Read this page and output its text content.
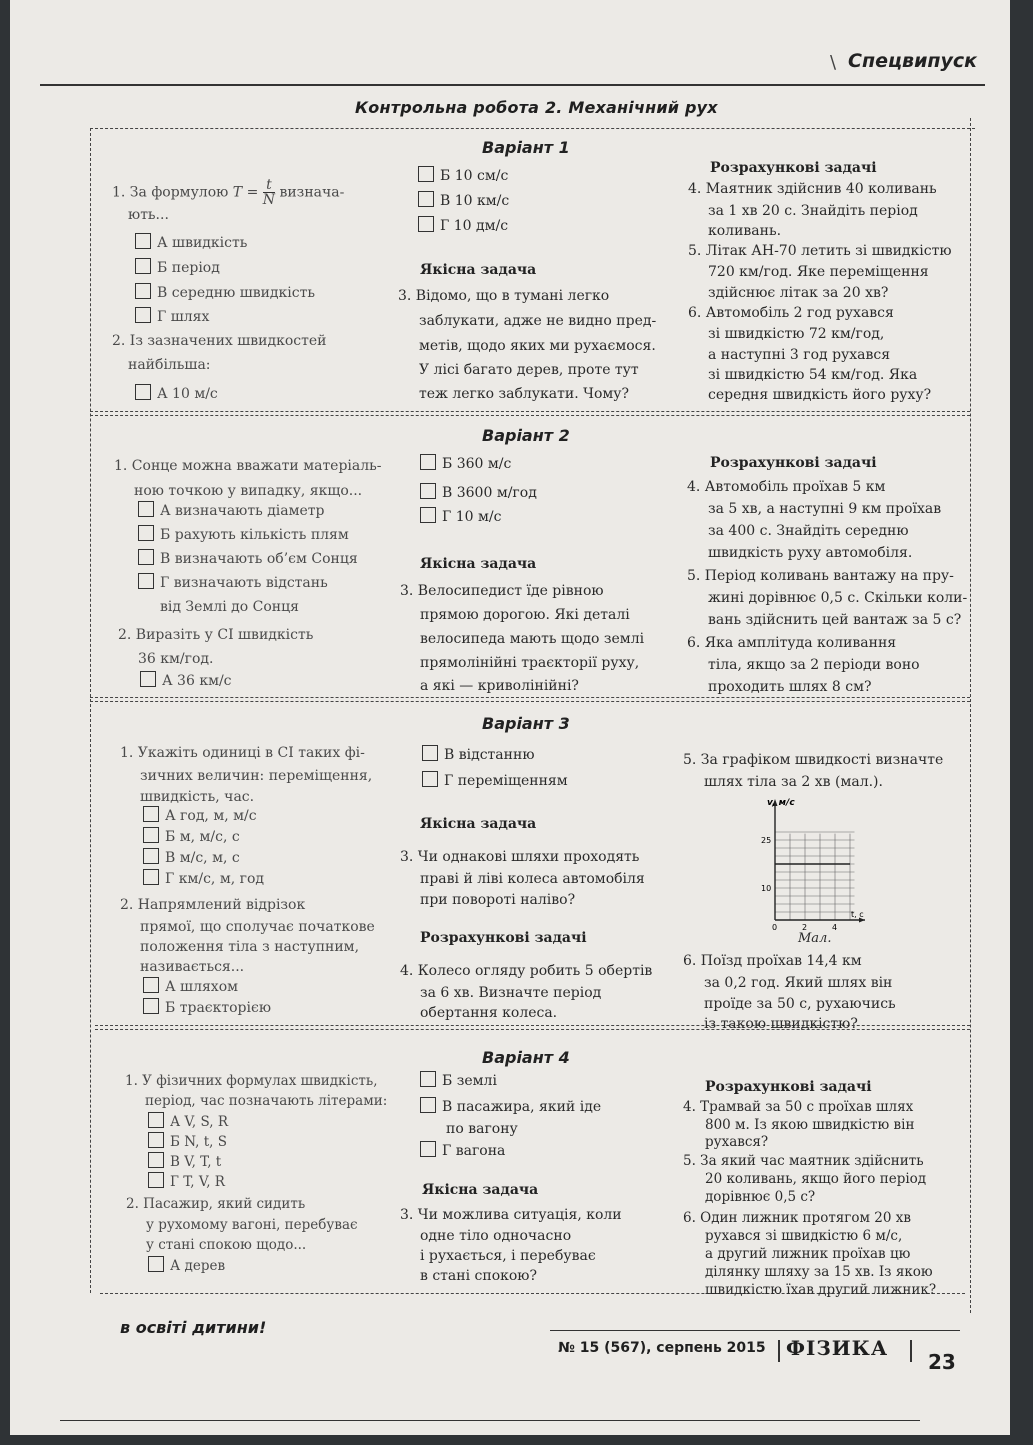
\ Спецвипуск
Контрольна робота 2. Механічний рух
Варіант 1
1. За формулою $T = \frac{t}{N}$ визнача-
ють...
А швидкість
Б період
В середню швидкість
Г шлях
2. Із зазначених швидкостей
найбільша:
А 10 м/с
Б 10 см/с
В 10 км/с
Г 10 дм/с
Якісна задача
3. Відомо, що в тумані легко
заблукати, адже не видно пред-
метів, щодо яких ми рухаємося.
У лісі багато дерев, проте тут
теж легко заблукати. Чому?
Розрахункові задачі
4. Маятник здійснив 40 коливань
за 1 хв 20 с. Знайдіть період
коливань.
5. Літак АН-70 летить зі швидкістю
720 км/год. Яке переміщення
здійснює літак за 20 хв?
6. Автомобіль 2 год рухався
зі швидкістю 72 км/год,
а наступні 3 год рухався
зі швидкістю 54 км/год. Яка
середня швидкість його руху?
Варіант 2
1. Сонце можна вважати матеріаль-
ною точкою у випадку, якщо...
А визначають діаметр
Б рахують кількість плям
В визначають об’єм Сонця
Г визначають відстань
від Землі до Сонця
2. Виразіть у СІ швидкість
36 км/год.
А 36 км/с
Б 360 м/с
В 3600 м/год
Г 10 м/с
Якісна задача
3. Велосипедист їде рівною
прямою дорогою. Які деталі
велосипеда мають щодо землі
прямолінійні траєкторії руху,
а які — криволінійні?
Розрахункові задачі
4. Автомобіль проїхав 5 км
за 5 хв, а наступні 9 км проїхав
за 400 с. Знайдіть середню
швидкість руху автомобіля.
5. Період коливань вантажу на пру-
жині дорівнює 0,5 с. Скільки коли-
вань здійснить цей вантаж за 5 с?
6. Яка амплітуда коливання
тіла, якщо за 2 періоди воно
проходить шлях 8 см?
Варіант 3
1. Укажіть одиниці в СІ таких фі-
зичних величин: переміщення,
швидкість, час.
А год, м, м/с
Б м, м/с, с
В м/с, м, с
Г км/с, м, год
2. Напрямлений відрізок
прямої, що сполучає початкове
положення тіла з наступним,
називається...
А шляхом
Б траєкторією
В відстанню
Г переміщенням
Якісна задача
3. Чи однакові шляхи проходять
праві й ліві колеса автомобіля
при повороті наліво?
Розрахункові задачі
4. Колесо огляду робить 5 обертів
за 6 хв. Визначте період
обертання колеса.
5. За графіком швидкості визначте
шлях тіла за 2 хв (мал.).
v, м/с
t, с
0	2	4
10
25
Мал.
6. Поїзд проїхав 14,4 км
за 0,2 год. Який шлях він
проїде за 50 с, рухаючись
із такою швидкістю?
Варіант 4
1. У фізичних формулах швидкість,
період, час позначають літерами:
А V, S, R
Б N, t, S
В V, T, t
Г T, V, R
2. Пасажир, який сидить
у рухомому вагоні, перебуває
у стані спокою щодо...
А дерев
Б землі
В пасажира, який іде
по вагону
Г вагона
Якісна задача
3. Чи можлива ситуація, коли
одне тіло одночасно
і рухається, і перебуває
в стані спокою?
Розрахункові задачі
4. Трамвай за 50 с проїхав шлях
800 м. Із якою швидкістю він
рухався?
5. За який час маятник здійснить
20 коливань, якщо його період
дорівнює 0,5 с?
6. Один лижник протягом 20 хв
рухався зі швидкістю 6 м/с,
а другий лижник проїхав цю
ділянку шляху за 15 хв. Із якою
швидкістю їхав другий лижник?
в освіті дитини!
№ 15 (567), серпень 2015 ФІЗИКА
23
